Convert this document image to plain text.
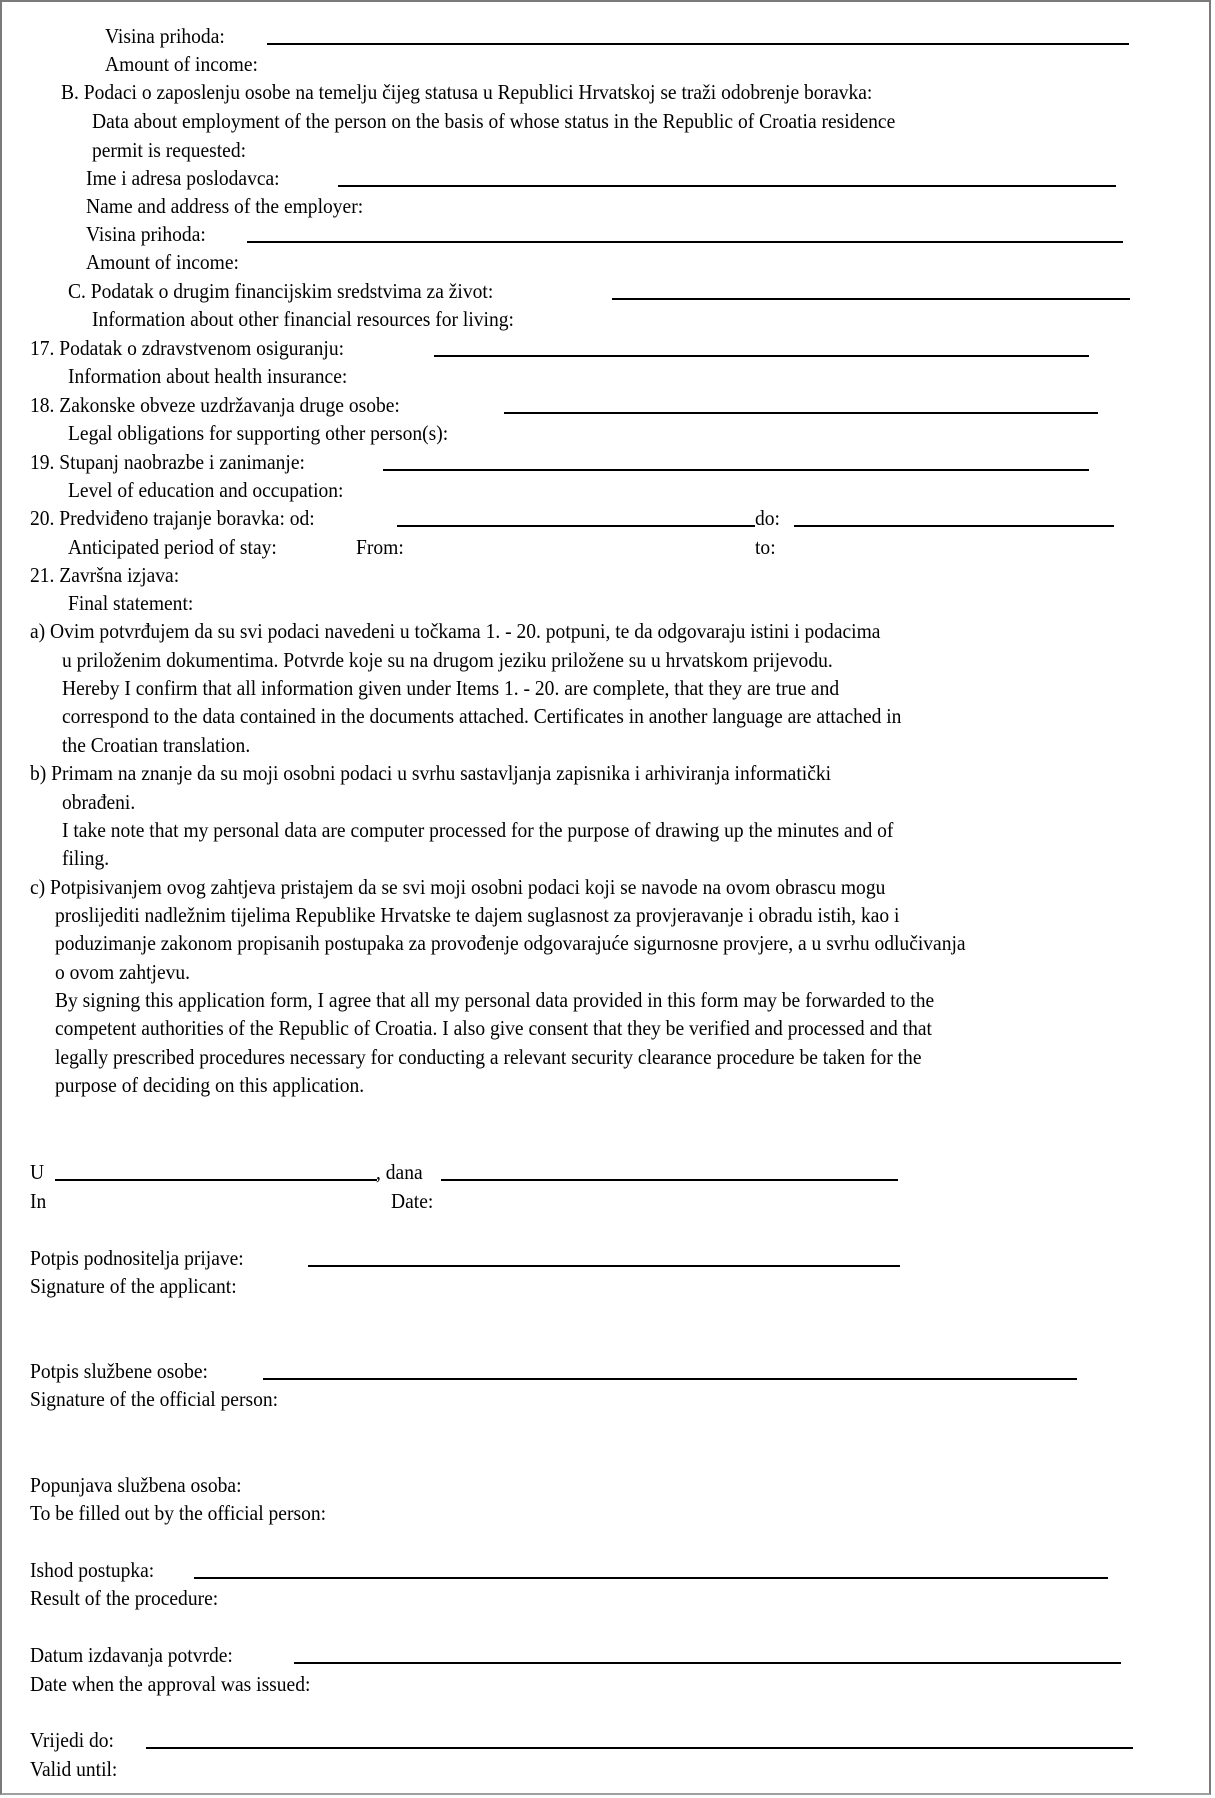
Visina prihoda:
Amount of income:
B. Podaci o zaposlenju osobe na temelju čijeg statusa u Republici Hrvatskoj se traži odobrenje boravka:
Data about employment of the person on the basis of whose status in the Republic of Croatia residence
permit is requested:
Ime i adresa poslodavca:
Name and address of the employer:
Visina prihoda:
Amount of income:
C. Podatak o drugim financijskim sredstvima za život:
Information about other financial resources for living:
17. Podatak o zdravstvenom osiguranju:
Information about health insurance:
18. Zakonske obveze uzdržavanja druge osobe:
Legal obligations for supporting other person(s):
19. Stupanj naobrazbe i zanimanje:
Level of education and occupation:
20. Predviđeno trajanje boravka: od:	do:
Anticipated period of stay:	From:	to:
21. Završna izjava:
Final statement:
a) Ovim potvrđujem da su svi podaci navedeni u točkama 1. - 20. potpuni, te da odgovaraju istini i podacima
u priloženim dokumentima. Potvrde koje su na drugom jeziku priložene su u hrvatskom prijevodu.
Hereby I confirm that all information given under Items 1. - 20. are complete, that they are true and
correspond to the data contained in the documents attached. Certificates in another language are attached in
the Croatian translation.
b) Primam na znanje da su moji osobni podaci u svrhu sastavljanja zapisnika i arhiviranja informatički
obrađeni.
I take note that my personal data are computer processed for the purpose of drawing up the minutes and of
filing.
c) Potpisivanjem ovog zahtjeva pristajem da se svi moji osobni podaci koji se navode na ovom obrascu mogu
proslijediti nadležnim tijelima Republike Hrvatske te dajem suglasnost za provjeravanje i obradu istih, kao i
poduzimanje zakonom propisanih postupaka za provođenje odgovarajuće sigurnosne provjere, a u svrhu odlučivanja
o ovom zahtjevu.
By signing this application form, I agree that all my personal data provided in this form may be forwarded to the
competent authorities of the Republic of Croatia. I also give consent that they be verified and processed and that
legally prescribed procedures necessary for conducting a relevant security clearance procedure be taken for the
purpose of deciding on this application.
U	, dana
In	Date:
Potpis podnositelja prijave:
Signature of the applicant:
Potpis službene osobe:
Signature of the official person:
Popunjava službena osoba:
To be filled out by the official person:
Ishod postupka:
Result of the procedure:
Datum izdavanja potvrde:
Date when the approval was issued:
Vrijedi do:
Valid until:
